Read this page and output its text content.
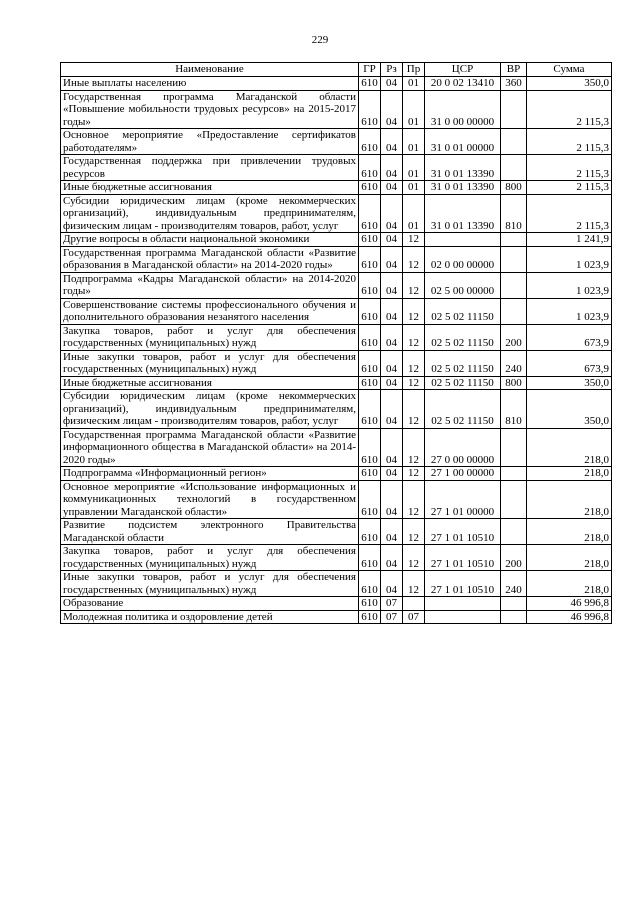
229
Наименование	ГР	Рз	Пр	ЦСР	ВР	Сумма
Иные выплаты населению	610	04	01	20 0 02 13410	360	350,0
Государственная программа Магаданской области «Повышение мобильности трудовых ресурсов» на 2015-2017 годы»	610	04	01	31 0 00 00000		2 115,3
Основное мероприятие «Предоставление сертификатов работодателям»	610	04	01	31 0 01 00000		2 115,3
Государственная поддержка при привлечении трудовых ресурсов	610	04	01	31 0 01 13390		2 115,3
Иные бюджетные ассигнования	610	04	01	31 0 01 13390	800	2 115,3
Субсидии юридическим лицам (кроме некоммерческих организаций), индивидуальным предпринимателям, физическим лицам - производителям товаров, работ, услуг	610	04	01	31 0 01 13390	810	2 115,3
Другие вопросы в области национальной экономики	610	04	12			1 241,9
Государственная программа Магаданской области «Развитие образования в Магаданской области» на 2014-2020 годы»	610	04	12	02 0 00 00000		1 023,9
Подпрограмма «Кадры Магаданской области» на 2014-2020 годы»	610	04	12	02 5 00 00000		1 023,9
Совершенствование системы профессионального обучения и дополнительного образования незанятого населения	610	04	12	02 5 02 11150		1 023,9
Закупка товаров, работ и услуг для обеспечения государственных (муниципальных) нужд	610	04	12	02 5 02 11150	200	673,9
Иные закупки товаров, работ и услуг для обеспечения государственных (муниципальных) нужд	610	04	12	02 5 02 11150	240	673,9
Иные бюджетные ассигнования	610	04	12	02 5 02 11150	800	350,0
Субсидии юридическим лицам (кроме некоммерческих организаций), индивидуальным предпринимателям, физическим лицам - производителям товаров, работ, услуг	610	04	12	02 5 02 11150	810	350,0
Государственная программа Магаданской области «Развитие информационного общества в Магаданской области» на 2014-2020 годы»	610	04	12	27 0 00 00000		218,0
Подпрограмма «Информационный регион»	610	04	12	27 1 00 00000		218,0
Основное мероприятие «Использование информационных и коммуникационных технологий в государственном управлении Магаданской области»	610	04	12	27 1 01 00000		218,0
Развитие подсистем электронного Правительства Магаданской области	610	04	12	27 1 01 10510		218,0
Закупка товаров, работ и услуг для обеспечения государственных (муниципальных) нужд	610	04	12	27 1 01 10510	200	218,0
Иные закупки товаров, работ и услуг для обеспечения государственных (муниципальных) нужд	610	04	12	27 1 01 10510	240	218,0
Образование	610	07				46 996,8
Молодежная политика и оздоровление детей	610	07	07			46 996,8
